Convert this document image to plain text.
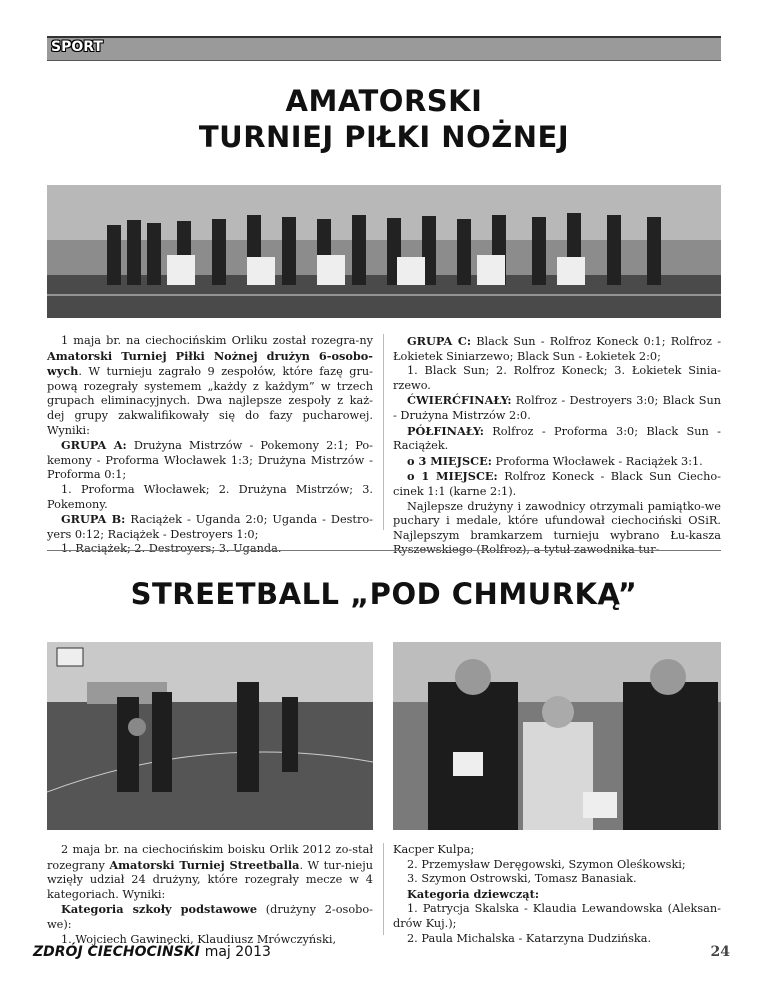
SPORT
AMATORSKI
TURNIEJ PIŁKI NOŻNEJ

1 maja br. na ciechocińskim Orliku został rozegra-ny Amatorski Turniej Piłki Nożnej drużyn 6-osobo-wych. W turnieju zagrało 9 zespołów, które fazę gru-pową rozegrały systemem „każdy z każdym” w trzech grupach eliminacyjnych. Dwa najlepsze zespoły z każ-dej grupy zakwalifikowały się do fazy pucharowej. Wyniki:

GRUPA A: Drużyna Mistrzów - Pokemony 2:1; Po-kemony - Proforma Włocławek 1:3; Drużyna Mistrzów - Proforma 0:1;

1. Proforma Włocławek; 2. Drużyna Mistrzów; 3. Pokemony.

GRUPA B: Raciążek - Uganda 2:0; Uganda - Destro-yers 0:12; Raciążek - Destroyers 1:0;

1. Raciążek; 2. Destroyers; 3. Uganda.

GRUPA C: Black Sun - Rolfroz Koneck 0:1; Rolfroz - Łokietek Siniarzewo; Black Sun - Łokietek 2:0;

1. Black Sun; 2. Rolfroz Koneck; 3. Łokietek Sinia-rzewo.

ĆWIERĆFINAŁY: Rolfroz - Destroyers 3:0; Black Sun - Drużyna Mistrzów 2:0.

PÓŁFINAŁY: Rolfroz - Proforma 3:0; Black Sun - Raciążek.

o 3 MIEJSCE: Proforma Włocławek - Raciążek 3:1.

o 1 MIEJSCE: Rolfroz Koneck - Black Sun Ciecho-cinek 1:1 (karne 2:1).

Najlepsze drużyny i zawodnicy otrzymali pamiątko-we puchary i medale, które ufundował ciechociński OSiR. Najlepszym bramkarzem turnieju wybrano Łu-kasza Ryszewskiego (Rolfroz), a tytuł zawodnika tur-

STREETBALL „POD CHMURKĄ”

2 maja br. na ciechocińskim boisku Orlik 2012 zo-stał rozegrany Amatorski Turniej Streetballa. W tur-nieju wzięły udział 24 drużyny, które rozegrały mecze w 4 kategoriach. Wyniki:

Kategoria szkoły podstawowe (drużyny 2-osobo-we):

1. Wojciech Gawinecki, Klaudiusz Mrówczyński,

Kacper Kulpa;

2. Przemysław Deręgowski, Szymon Oleśkowski;

3. Szymon Ostrowski, Tomasz Banasiak.

Kategoria dziewcząt:

1. Patrycja Skalska - Klaudia Lewandowska (Aleksan-drów Kuj.);

2. Paula Michalska - Katarzyna Dudzińska.

ZDRÓJ CIECHOCIŃSKI maj 2013	24
